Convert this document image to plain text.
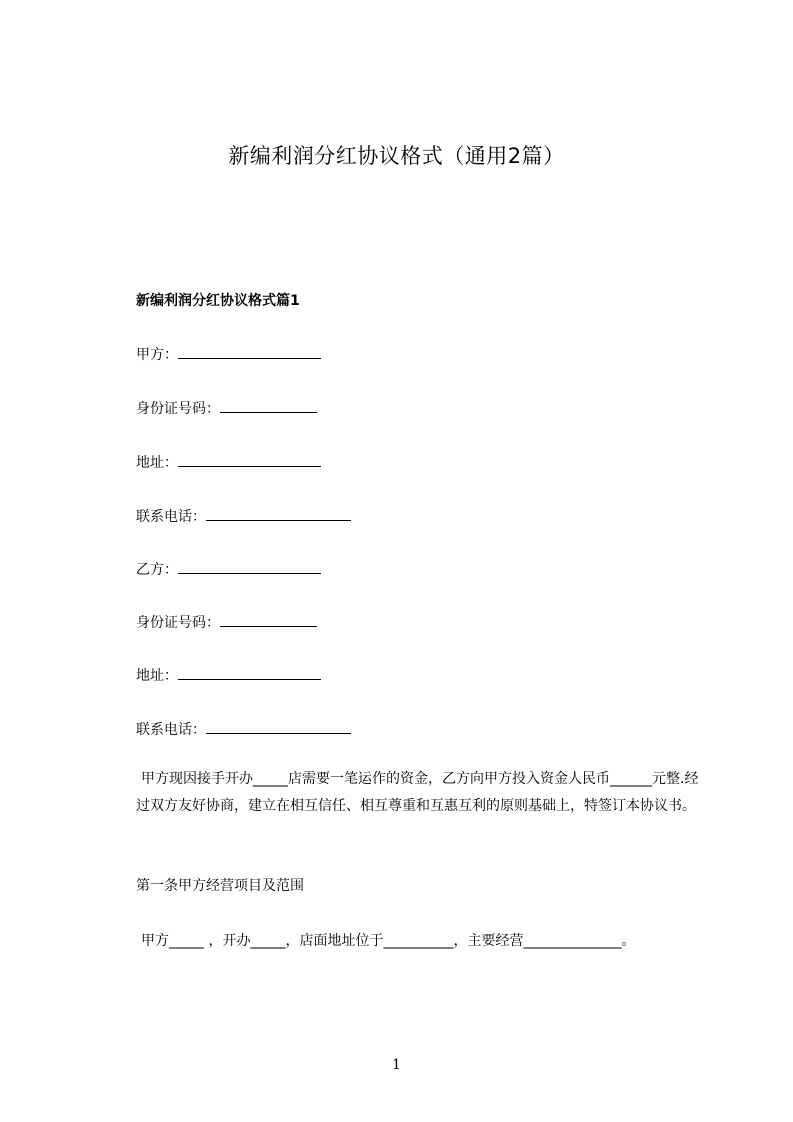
新编利润分红协议格式（通用2篇）
新编利润分红协议格式篇1
甲方：
身份证号码：
地址：
联系电话：
乙方：
身份证号码：
地址：
联系电话：
甲方现因接手开办_____店需要一笔运作的资金，乙方向甲方投入资金人民币______元整.经过双方友好协商，建立在相互信任、相互尊重和互惠互利的原则基础上，特签订本协议书。
第一条甲方经营项目及范围
甲方_____ ，开办_____，店面地址位于__________，主要经营______________。
1
